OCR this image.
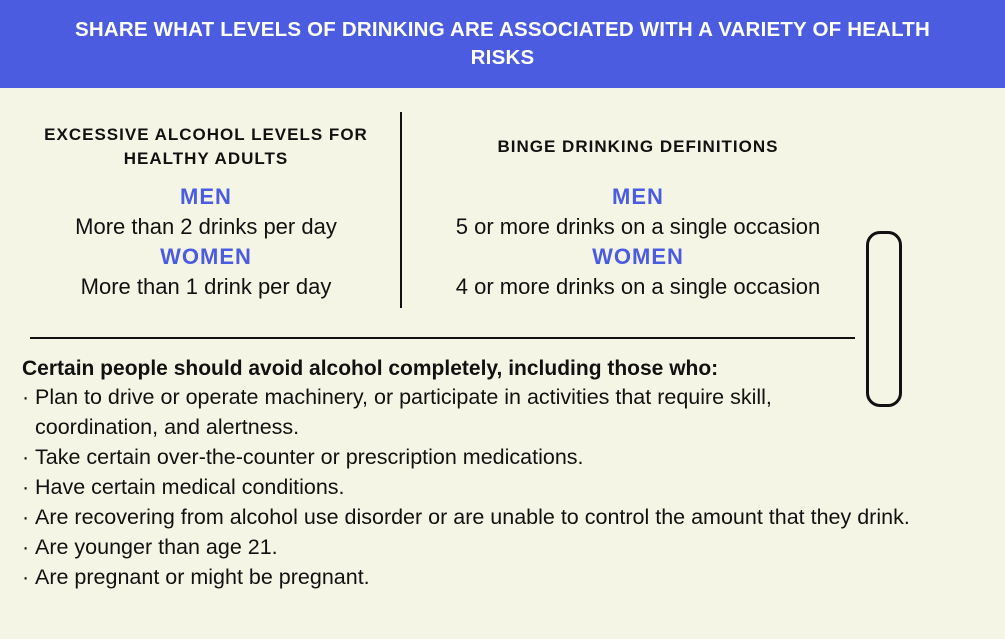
SHARE WHAT LEVELS OF DRINKING ARE ASSOCIATED WITH A VARIETY OF HEALTH RISKS
EXCESSIVE ALCOHOL LEVELS FOR HEALTHY ADULTS
MEN
More than 2 drinks per day
WOMEN
More than 1 drink per day
BINGE DRINKING DEFINITIONS
MEN
5 or more drinks on a single occasion
WOMEN
4 or more drinks on a single occasion
Certain people should avoid alcohol completely, including those who:
· Plan to drive or operate machinery, or participate in activities that require skill, coordination, and alertness.
· Take certain over-the-counter or prescription medications.
· Have certain medical conditions.
· Are recovering from alcohol use disorder or are unable to control the amount that they drink.
· Are younger than age 21.
· Are pregnant or might be pregnant.
